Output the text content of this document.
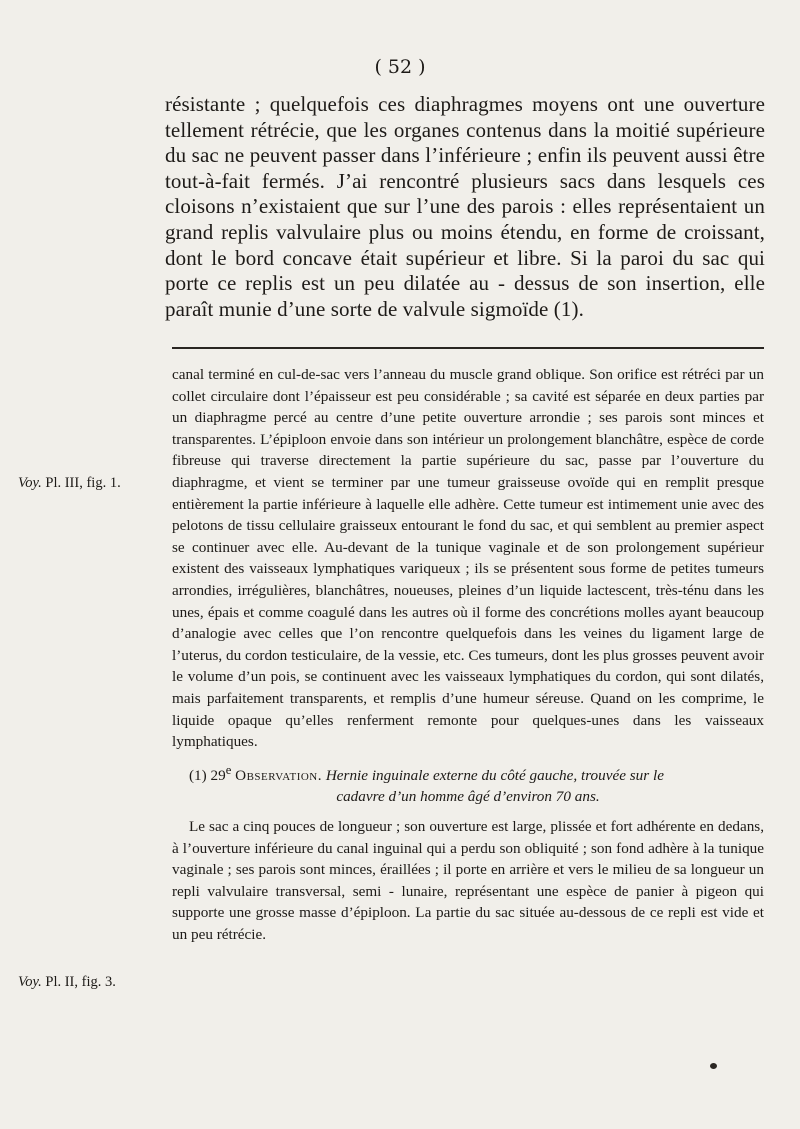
( 52 )
résistante ; quelquefois ces diaphragmes moyens ont une ouverture tellement rétrécie, que les organes contenus dans la moitié supérieure du sac ne peuvent passer dans l’inférieure ; enfin ils peuvent aussi être tout-à-fait fermés. J’ai rencontré plusieurs sacs dans lesquels ces cloisons n’existaient que sur l’une des parois : elles représentaient un grand replis valvulaire plus ou moins étendu, en forme de croissant, dont le bord concave était supérieur et libre. Si la paroi du sac qui porte ce replis est un peu dilatée au - dessus de son insertion, elle paraît munie d’une sorte de valvule sigmoïde (1).

canal terminé en cul-de-sac vers l’anneau du muscle grand oblique. Son orifice est rétréci par un collet circulaire dont l’épaisseur est peu considérable ; sa cavité est séparée en deux parties par un diaphragme percé au centre d’une petite ouverture arrondie ; ses parois sont minces et transparentes. L’épiploon envoie dans son intérieur un prolongement blanchâtre, espèce de corde fibreuse qui traverse directement la partie supérieure du sac, passe par l’ouverture du diaphragme, et vient se terminer par une tumeur graisseuse ovoïde qui en remplit presque entièrement la partie inférieure à laquelle elle adhère. Cette tumeur est intimement unie avec des pelotons de tissu cellulaire graisseux entourant le fond du sac, et qui semblent au premier aspect se continuer avec elle. Au-devant de la tunique vaginale et de son prolongement supérieur existent des vaisseaux lymphatiques variqueux ; ils se présentent sous forme de petites tumeurs arrondies, irrégulières, blanchâtres, noueuses, pleines d’un liquide lactescent, très-ténu dans les unes, épais et comme coagulé dans les autres où il forme des concrétions molles ayant beaucoup d’analogie avec celles que l’on rencontre quelquefois dans les veines du ligament large de l’uterus, du cordon testiculaire, de la vessie, etc. Ces tumeurs, dont les plus grosses peuvent avoir le volume d’un pois, se continuent avec les vaisseaux lymphatiques du cordon, qui sont dilatés, mais parfaitement transparents, et remplis d’une humeur séreuse. Quand on les comprime, le liquide opaque qu’elles renferment remonte pour quelques-unes dans les vaisseaux lymphatiques.

(1) 29e Observation. Hernie inguinale externe du côté gauche, trouvée sur le

cadavre d’un homme âgé d’environ 70 ans.

Le sac a cinq pouces de longueur ; son ouverture est large, plissée et fort adhérente en dedans, à l’ouverture inférieure du canal inguinal qui a perdu son obliquité ; son fond adhère à la tunique vaginale ; ses parois sont minces, éraillées ; il porte en arrière et vers le milieu de sa longueur un repli valvulaire transversal, semi - lunaire, représentant une espèce de panier à pigeon qui supporte une grosse masse d’épiploon. La partie du sac située au-dessous de ce repli est vide et un peu rétrécie.

Voy. Pl. III, fig. 1.
Voy. Pl. II, fig. 3.
